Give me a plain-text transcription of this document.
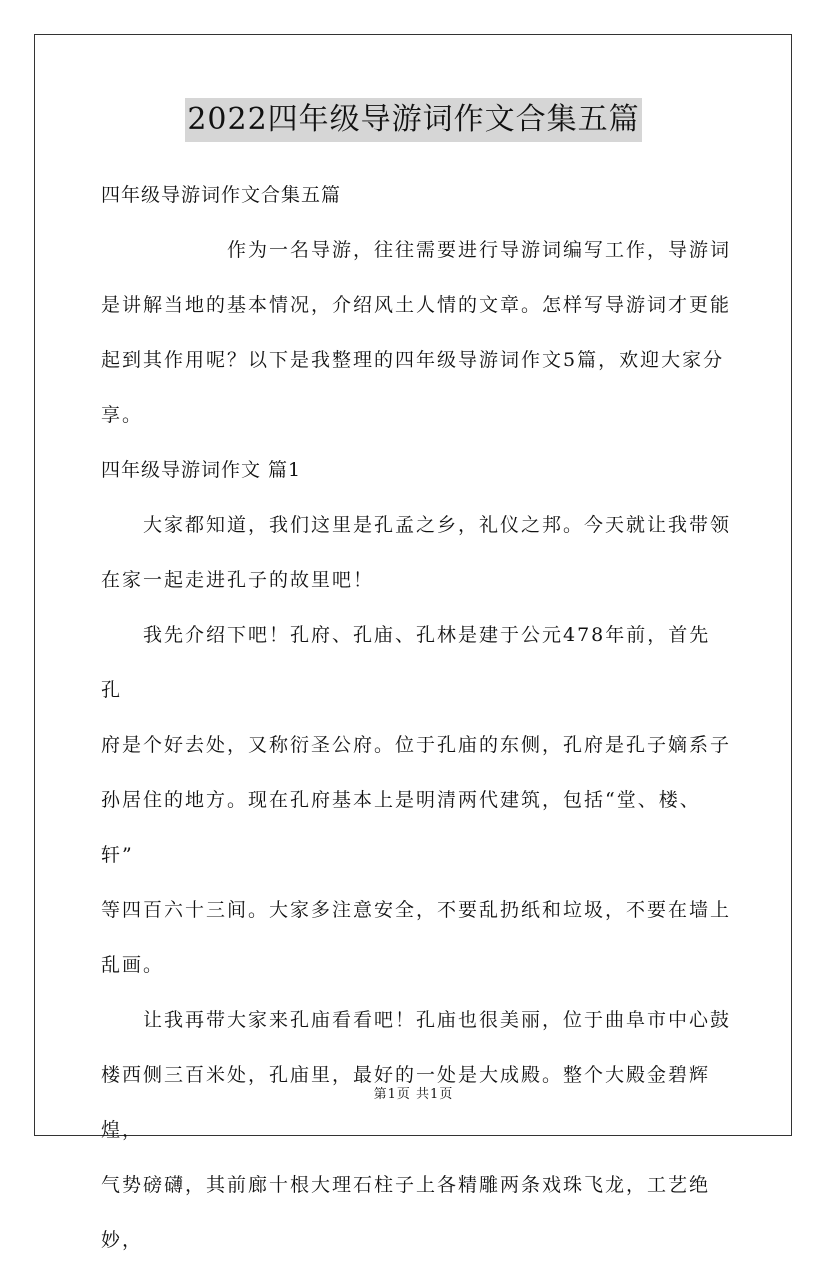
2022四年级导游词作文合集五篇

四年级导游词作文合集五篇

作为一名导游，往往需要进行导游词编写工作，导游词
是讲解当地的基本情况，介绍风土人情的文章。怎样写导游词才更能
起到其作用呢？以下是我整理的四年级导游词作文5篇，欢迎大家分
享。

四年级导游词作文 篇1

大家都知道，我们这里是孔孟之乡，礼仪之邦。今天就让我带领
在家一起走进孔子的故里吧！

我先介绍下吧！孔府、孔庙、孔林是建于公元478年前，首先孔
府是个好去处，又称衍圣公府。位于孔庙的东侧，孔府是孔子嫡系子
孙居住的地方。现在孔府基本上是明清两代建筑，包括“堂、楼、轩”
等四百六十三间。大家多注意安全，不要乱扔纸和垃圾，不要在墙上
乱画。

让我再带大家来孔庙看看吧！孔庙也很美丽，位于曲阜市中心鼓
楼西侧三百米处，孔庙里，最好的一处是大成殿。整个大殿金碧辉煌，
气势磅礴，其前廊十根大理石柱子上各精雕两条戏珠飞龙，工艺绝妙，

第1页 共1页
